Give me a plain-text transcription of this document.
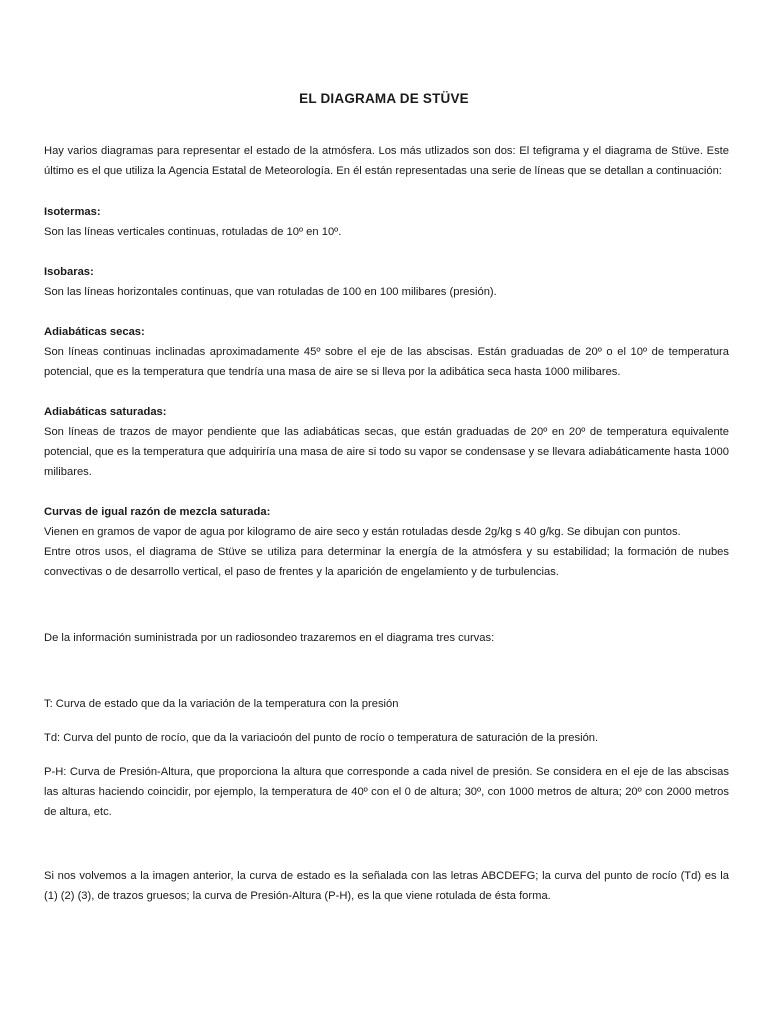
EL DIAGRAMA DE STÜVE

Hay varios diagramas para representar el estado de la atmósfera. Los más utlizados son dos: El tefigrama y el diagrama de Stüve. Este último es el que utiliza la Agencia Estatal de Meteorología. En él están representadas una serie de líneas que se detallan a continuación:

Isotermas:
Son las líneas verticales continuas, rotuladas de 10º en 10º.
Isobaras:
Son las líneas horizontales continuas, que van rotuladas de 100 en 100 milibares (presión).
Adiabáticas secas:
Son líneas continuas inclinadas aproximadamente 45º sobre el eje de las abscisas. Están graduadas de 20º o el 10º de temperatura potencial, que es la temperatura que tendría una masa de aire se si lleva por la adibática seca hasta 1000 milibares.
Adiabáticas saturadas:
Son líneas de trazos de mayor pendiente que las adiabáticas secas, que están graduadas de 20º en 20º de temperatura equivalente potencial, que es la temperatura que adquiriría una masa de aire si todo su vapor se condensase y se llevara adiabáticamente hasta 1000 milibares.
Curvas de igual razón de mezcla saturada:
Vienen en gramos de vapor de agua por kilogramo de aire seco y están rotuladas desde 2g/kg s 40 g/kg. Se dibujan con puntos.
Entre otros usos, el diagrama de Stüve se utiliza para determinar la energía de la atmósfera y su estabilidad; la formación de nubes convectivas o de desarrollo vertical, el paso de frentes y la aparición de engelamiento y de turbulencias.

De la información suministrada por un radiosondeo trazaremos en el diagrama tres curvas:

T: Curva de estado que da la variación de la temperatura con la presión

Td: Curva del punto de rocío, que da la variacioón del punto de rocío o temperatura de saturación de la presión.

P-H: Curva de Presión-Altura, que proporciona la altura que corresponde a cada nivel de presión. Se considera en el eje de las abscisas las alturas haciendo coincidir, por ejemplo, la temperatura de 40º con el 0 de altura; 30º, con 1000 metros de altura; 20º con 2000 metros de altura, etc.

Si nos volvemos a la imagen anterior, la curva de estado es la señalada con las letras ABCDEFG; la curva del punto de rocío (Td) es la (1) (2) (3), de trazos gruesos; la curva de Presión-Altura (P-H), es la que viene rotulada de ésta forma.
